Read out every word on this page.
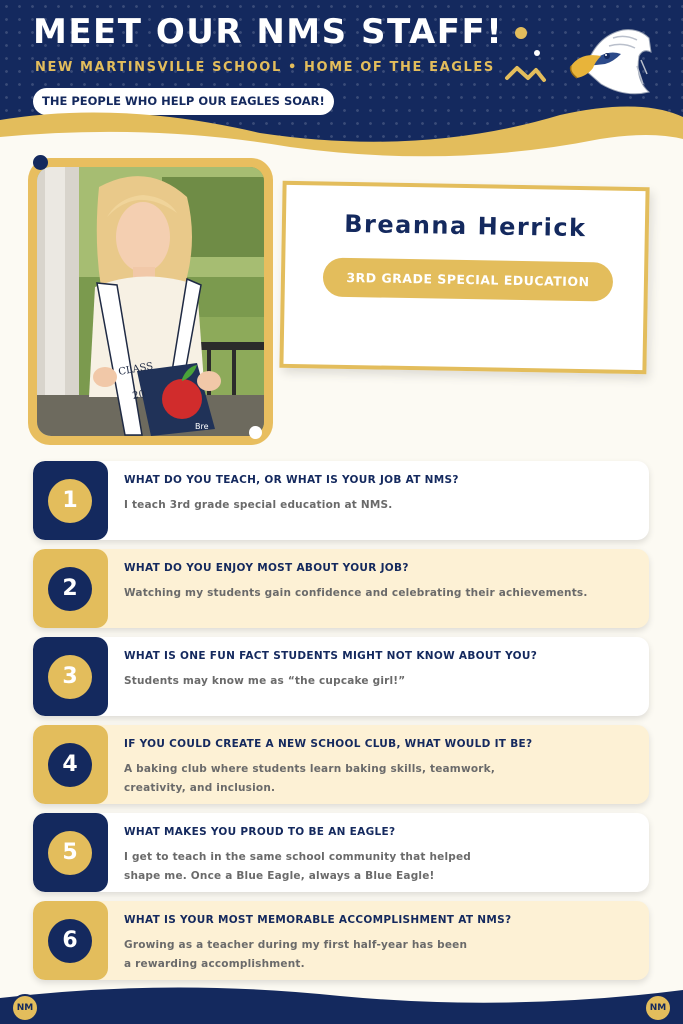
MEET OUR NMS STAFF!
NEW MARTINSVILLE SCHOOL • HOME OF THE EAGLES
THE PEOPLE WHO HELP OUR EAGLES SOAR!
CLASS
20
Bre
Breanna Herrick
3RD GRADE SPECIAL EDUCATION
1
WHAT DO YOU TEACH, OR WHAT IS YOUR JOB AT NMS?
I teach 3rd grade special education at NMS.
2
WHAT DO YOU ENJOY MOST ABOUT YOUR JOB?
Watching my students gain confidence and celebrating their achievements.
3
WHAT IS ONE FUN FACT STUDENTS MIGHT NOT KNOW ABOUT YOU?
Students may know me as “the cupcake girl!”
4
IF YOU COULD CREATE A NEW SCHOOL CLUB, WHAT WOULD IT BE?
A baking club where students learn baking skills, teamwork,
creativity, and inclusion.
5
WHAT MAKES YOU PROUD TO BE AN EAGLE?
I get to teach in the same school community that helped
shape me. Once a Blue Eagle, always a Blue Eagle!
6
WHAT IS YOUR MOST MEMORABLE ACCOMPLISHMENT AT NMS?
Growing as a teacher during my first half-year has been
a rewarding accomplishment.
NM	NM
